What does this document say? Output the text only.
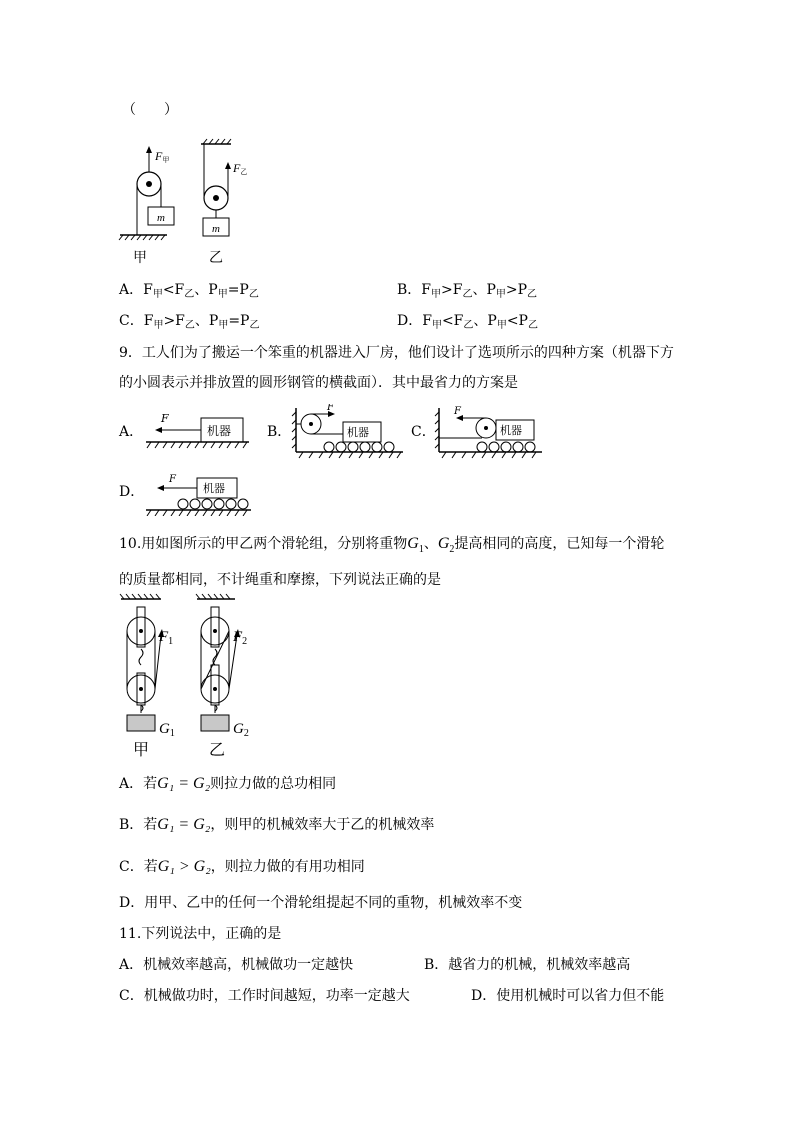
（　　）
F甲
m
甲
F乙
m
乙
A．$F_甲<F_乙$、$P_甲=P_乙$	B．$F_甲>F_乙$、$P_甲>P_乙$
C．$F_甲>F_乙$、$P_甲=P_乙$	D．$F_甲<F_乙$、$P_甲<P_乙$
9．工人们为了搬运一个笨重的机器进入厂房，他们设计了选项所示的四种方案（机器下方
的小圆表示并排放置的圆形钢管的横截面）．其中最省力的方案是
A．	机器
F
B．
F
机器	C．
F
机器
D．	机器
F
10.用如图所示的甲乙两个滑轮组，分别将重物$G_1$、$G_2$提高相同的高度，已知每一个滑轮
的质量都相同，不计绳重和摩擦，下列说法正确的是
$F_1$
$G_1$
甲
$F_2$
$G_2$
乙
A．若G₁ = G₂则拉力做的总功相同
B．若G₁ = G₂，则甲的机械效率大于乙的机械效率
C．若G₁ > G₂，则拉力做的有用功相同
D．用甲、乙中的任何一个滑轮组提起不同的重物，机械效率不变
11.下列说法中，正确的是
A．机械效率越高，机械做功一定越快	B．越省力的机械，机械效率越高
C．机械做功时，工作时间越短，功率一定越大	D．使用机械时可以省力但不能
